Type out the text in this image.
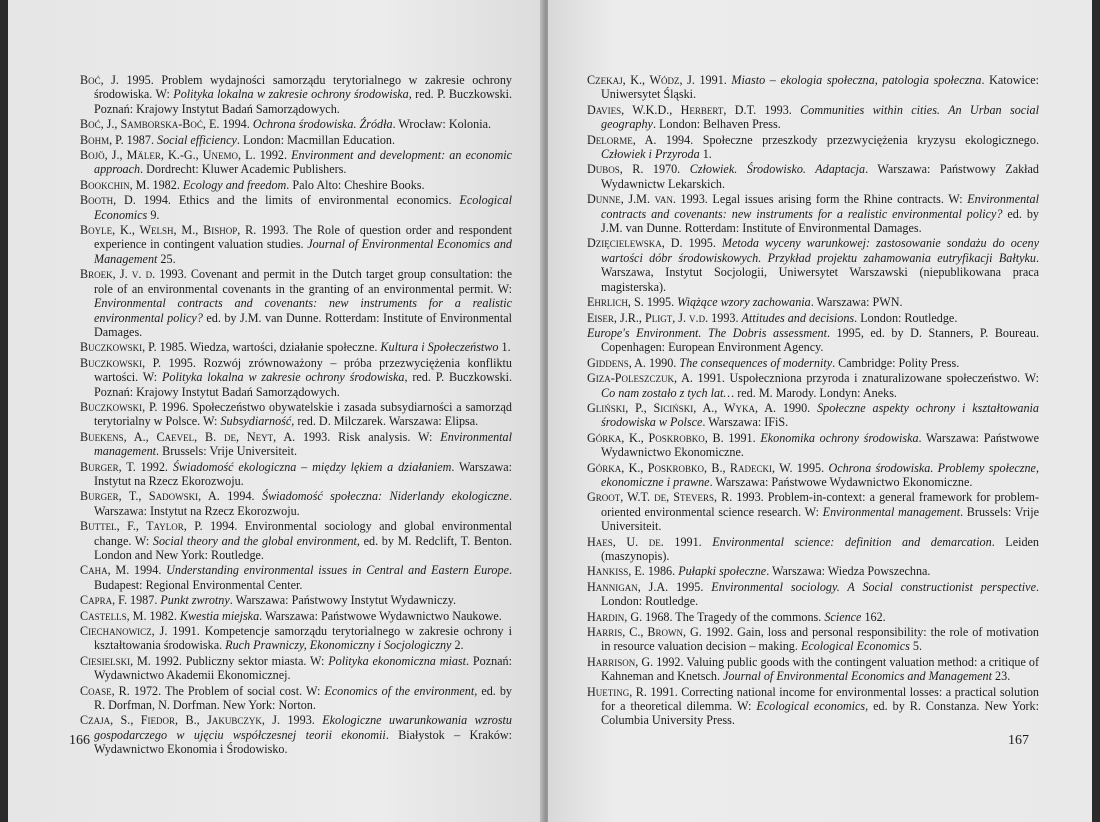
Boć, J. 1995. Problem wydajności samorządu terytorialnego w zakresie ochrony środowiska. W: Polityka lokalna w zakresie ochrony środowiska, red. P. Buczkowski. Poznań: Krajowy Instytut Badań Samorządowych.
Boć, J., Samborska-Boć, E. 1994. Ochrona środowiska. Źródła. Wrocław: Kolonia.
Bohm, P. 1987. Social efficiency. London: Macmillan Education.
Bojö, J., Mäler, K.-G., Unemo, L. 1992. Environment and development: an economic approach. Dordrecht: Kluwer Academic Publishers.
Bookchin, M. 1982. Ecology and freedom. Palo Alto: Cheshire Books.
Booth, D. 1994. Ethics and the limits of environmental economics. Ecological Economics 9.
Boyle, K., Welsh, M., Bishop, R. 1993. The Role of question order and respondent experience in contingent valuation studies. Journal of Environmental Economics and Management 25.
Broek, J. v. d. 1993. Covenant and permit in the Dutch target group consultation: the role of an environmental covenants in the granting of an environmental permit. W: Environmental contracts and covenants: new instruments for a realistic environmental policy? ed. by J.M. van Dunne. Rotterdam: Institute of Environmental Damages.
Buczkowski, P. 1985. Wiedza, wartości, działanie społeczne. Kultura i Społeczeństwo 1.
Buczkowski, P. 1995. Rozwój zrównoważony – próba przezwyciężenia konfliktu wartości. W: Polityka lokalna w zakresie ochrony środowiska, red. P. Buczkowski. Poznań: Krajowy Instytut Badań Samorządowych.
Buczkowski, P. 1996. Społeczeństwo obywatelskie i zasada subsydiarności a samorząd terytorialny w Polsce. W: Subsydiarność, red. D. Milczarek. Warszawa: Elipsa.
Buekens, A., Caevel, B. de, Neyt, A. 1993. Risk analysis. W: Environmental management. Brussels: Vrije Universiteit.
Burger, T. 1992. Świadomość ekologiczna – między lękiem a działaniem. Warszawa: Instytut na Rzecz Ekorozwoju.
Burger, T., Sadowski, A. 1994. Świadomość społeczna: Niderlandy ekologiczne. Warszawa: Instytut na Rzecz Ekorozwoju.
Buttel, F., Taylor, P. 1994. Environmental sociology and global environmental change. W: Social theory and the global environment, ed. by M. Redclift, T. Benton. London and New York: Routledge.
Caha, M. 1994. Understanding environmental issues in Central and Eastern Europe. Budapest: Regional Environmental Center.
Capra, F. 1987. Punkt zwrotny. Warszawa: Państwowy Instytut Wydawniczy.
Castells, M. 1982. Kwestia miejska. Warszawa: Państwowe Wydawnictwo Naukowe.
Ciechanowicz, J. 1991. Kompetencje samorządu terytorialnego w zakresie ochrony i kształtowania środowiska. Ruch Prawniczy, Ekonomiczny i Socjologiczny 2.
Ciesielski, M. 1992. Publiczny sektor miasta. W: Polityka ekonomiczna miast. Poznań: Wydawnictwo Akademii Ekonomicznej.
Coase, R. 1972. The Problem of social cost. W: Economics of the environment, ed. by R. Dorfman, N. Dorfman. New York: Norton.
Czaja, S., Fiedor, B., Jakubczyk, J. 1993. Ekologiczne uwarunkowania wzrostu gospodarczego w ujęciu współczesnej teorii ekonomii. Białystok – Kraków: Wydawnictwo Ekonomia i Środowisko.
166
Czekaj, K., Wódz, J. 1991. Miasto – ekologia społeczna, patologia społeczna. Katowice: Uniwersytet Śląski.
Davies, W.K.D., Herbert, D.T. 1993. Communities within cities. An Urban social geography. London: Belhaven Press.
Delorme, A. 1994. Społeczne przeszkody przezwyciężenia kryzysu ekologicznego. Człowiek i Przyroda 1.
Dubos, R. 1970. Człowiek. Środowisko. Adaptacja. Warszawa: Państwowy Zakład Wydawnictw Lekarskich.
Dunne, J.M. van. 1993. Legal issues arising form the Rhine contracts. W: Environmental contracts and covenants: new instruments for a realistic environmental policy? ed. by J.M. van Dunne. Rotterdam: Institute of Environmental Damages.
Dzięcielewska, D. 1995. Metoda wyceny warunkowej: zastosowanie sondażu do oceny wartości dóbr środowiskowych. Przykład projektu zahamowania eutryfikacji Bałtyku. Warszawa, Instytut Socjologii, Uniwersytet Warszawski (niepublikowana praca magisterska).
Ehrlich, S. 1995. Wiążące wzory zachowania. Warszawa: PWN.
Eiser, J.R., Pligt, J. v.d. 1993. Attitudes and decisions. London: Routledge.
Europe's Environment. The Dobris assessment. 1995, ed. by D. Stanners, P. Boureau. Copenhagen: European Environment Agency.
Giddens, A. 1990. The consequences of modernity. Cambridge: Polity Press.
Giza-Poleszczuk, A. 1991. Uspołeczniona przyroda i znaturalizowane społeczeństwo. W: Co nam zostało z tych lat… red. M. Marody. Londyn: Aneks.
Gliński, P., Siciński, A., Wyka, A. 1990. Społeczne aspekty ochrony i kształtowania środowiska w Polsce. Warszawa: IFiS.
Górka, K., Poskrobko, B. 1991. Ekonomika ochrony środowiska. Warszawa: Państwowe Wydawnictwo Ekonomiczne.
Górka, K., Poskrobko, B., Radecki, W. 1995. Ochrona środowiska. Problemy społeczne, ekonomiczne i prawne. Warszawa: Państwowe Wydawnictwo Ekonomiczne.
Groot, W.T. de, Stevers, R. 1993. Problem-in-context: a general framework for problem-oriented environmental science research. W: Environmental management. Brussels: Vrije Universiteit.
Haes, U. de. 1991. Environmental science: definition and demarcation. Leiden (maszynopis).
Hankiss, E. 1986. Pułapki społeczne. Warszawa: Wiedza Powszechna.
Hannigan, J.A. 1995. Environmental sociology. A Social constructionist perspective. London: Routledge.
Hardin, G. 1968. The Tragedy of the commons. Science 162.
Harris, C., Brown, G. 1992. Gain, loss and personal responsibility: the role of motivation in resource valuation decision – making. Ecological Economics 5.
Harrison, G. 1992. Valuing public goods with the contingent valuation method: a critique of Kahneman and Knetsch. Journal of Environmental Economics and Management 23.
Hueting, R. 1991. Correcting national income for environmental losses: a practical solution for a theoretical dilemma. W: Ecological economics, ed. by R. Constanza. New York: Columbia University Press.
167
